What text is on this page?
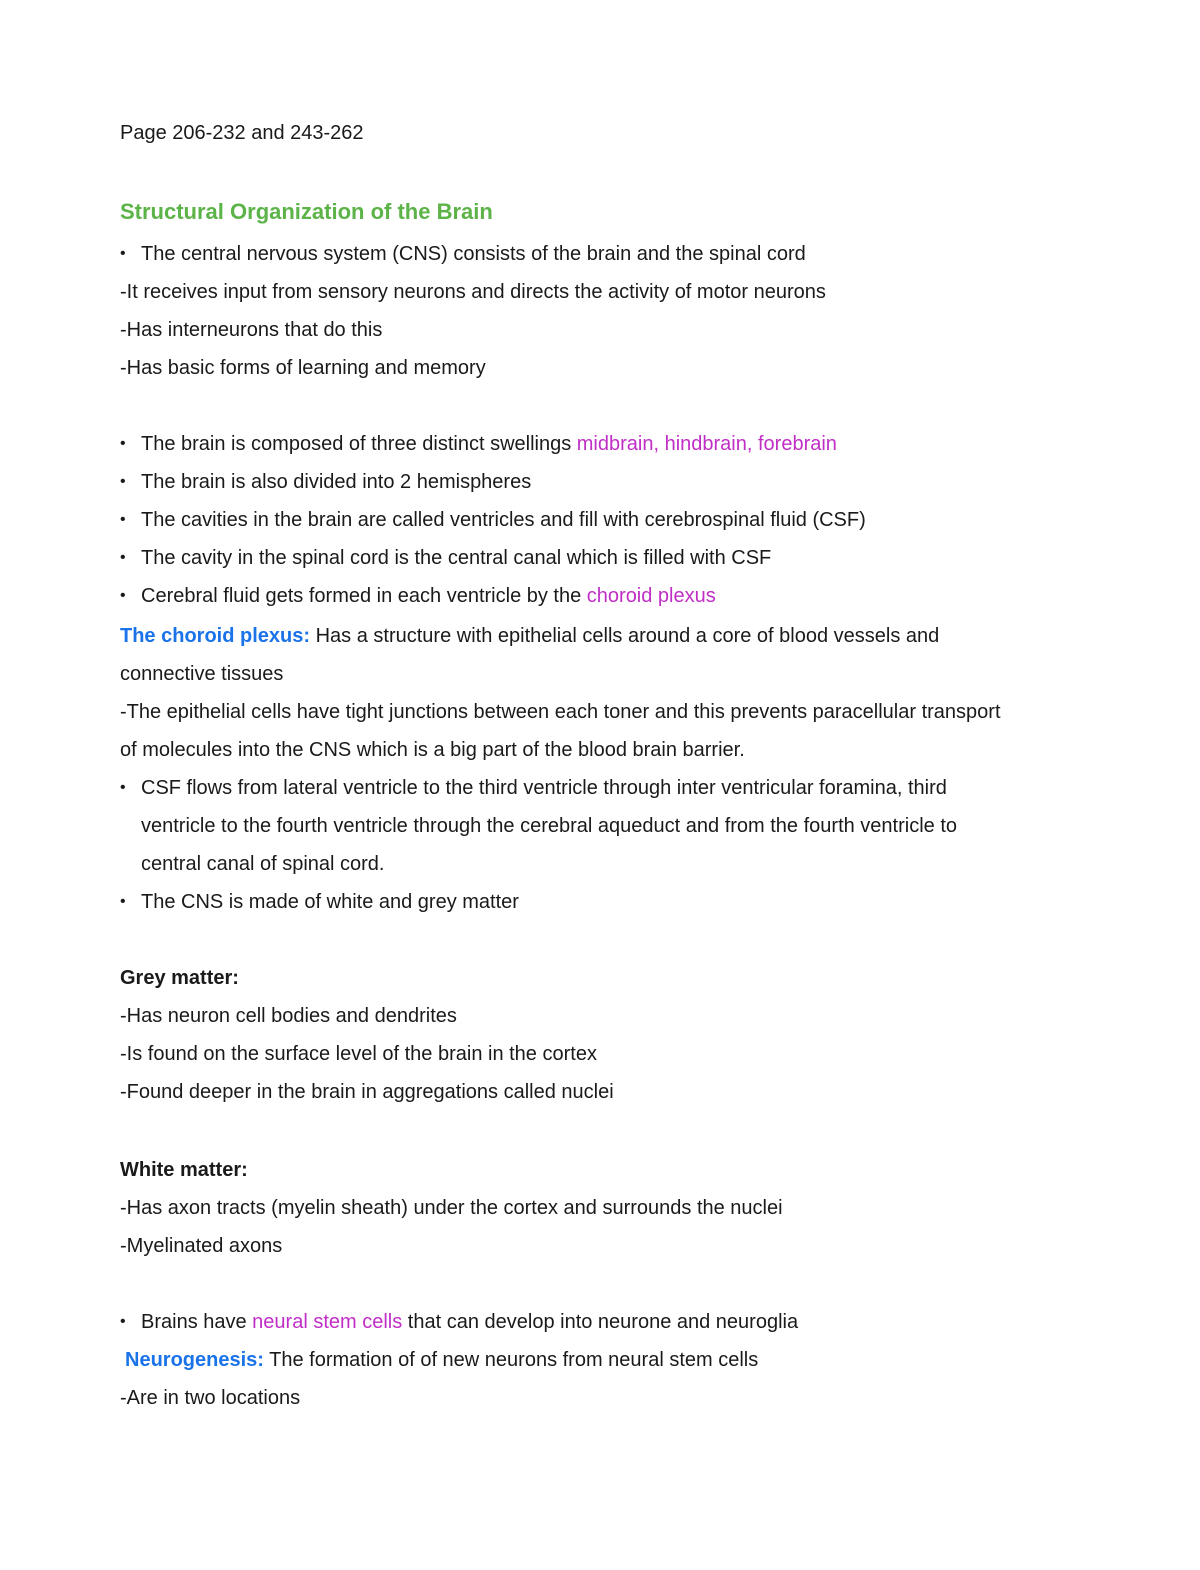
Page 206-232 and 243-262
Structural Organization of the Brain
• The central nervous system (CNS) consists of the brain and the spinal cord
-It receives input from sensory neurons and directs the activity of motor neurons
-Has interneurons that do this
-Has basic forms of learning and memory
• The brain is composed of three distinct swellings midbrain, hindbrain, forebrain
• The brain is also divided into 2 hemispheres
• The cavities in the brain are called ventricles and fill with cerebrospinal fluid (CSF)
• The cavity in the spinal cord is the central canal which is filled with CSF
• Cerebral fluid gets formed in each ventricle by the choroid plexus
The choroid plexus: Has a structure with epithelial cells around a core of blood vessels and
connective tissues
-The epithelial cells have tight junctions between each toner and this prevents paracellular transport
of molecules into the CNS which is a big part of the blood brain barrier.
• CSF flows from lateral ventricle to the third ventricle through inter ventricular foramina, third
ventricle to the fourth ventricle through the cerebral aqueduct and from the fourth ventricle to
central canal of spinal cord.
• The CNS is made of white and grey matter
Grey matter:
-Has neuron cell bodies and dendrites
-Is found on the surface level of the brain in the cortex
-Found deeper in the brain in aggregations called nuclei
White matter:
-Has axon tracts (myelin sheath) under the cortex and surrounds the nuclei
-Myelinated axons
• Brains have neural stem cells that can develop into neurone and neuroglia
Neurogenesis: The formation of of new neurons from neural stem cells
-Are in two locations
